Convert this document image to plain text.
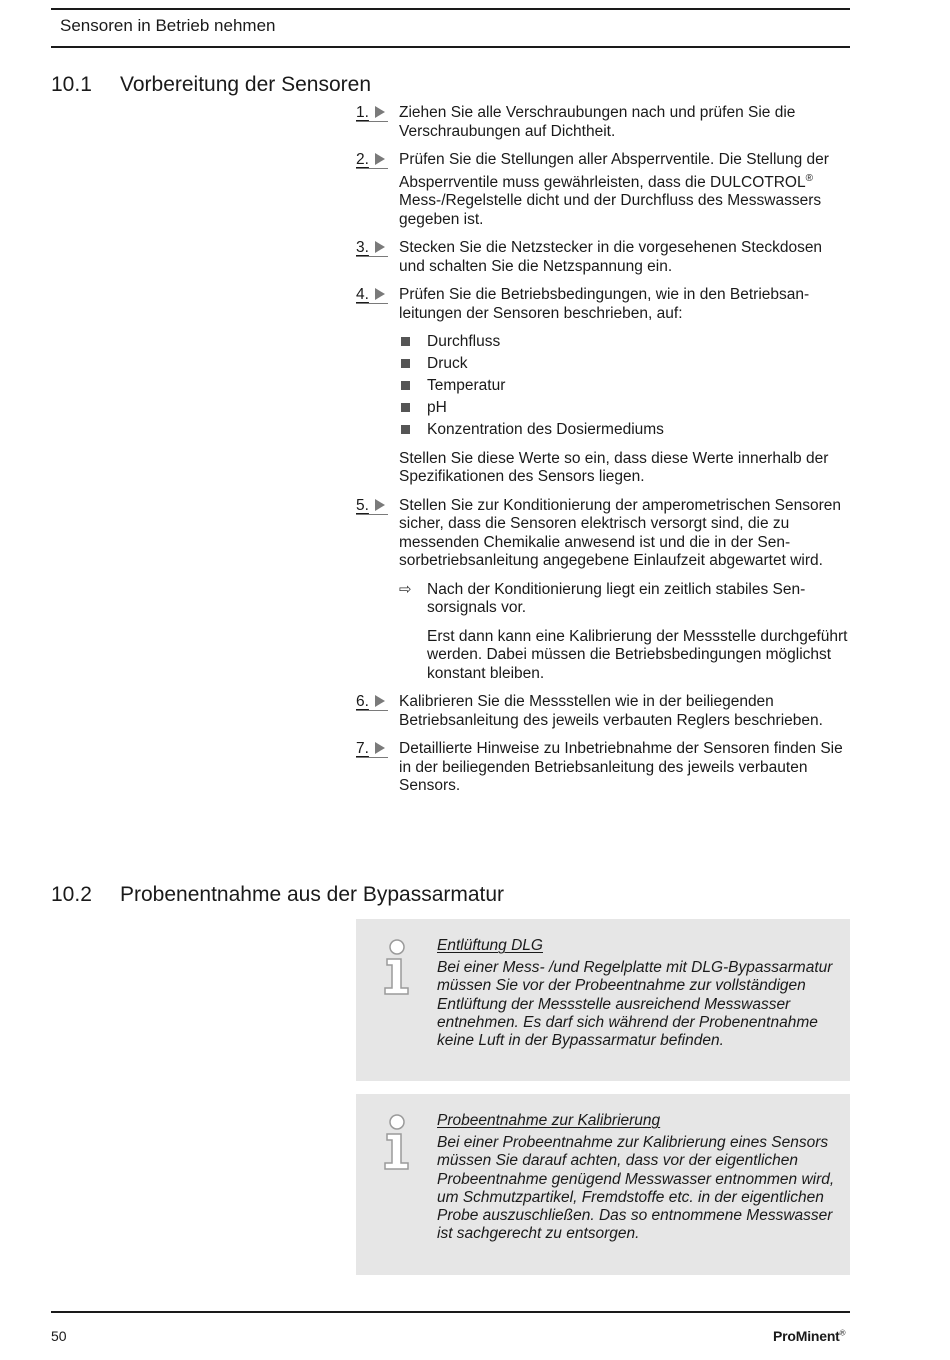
Sensoren in Betrieb nehmen
10.1 Vorbereitung der Sensoren
1.	Ziehen Sie alle Verschraubungen nach und prüfen Sie die Verschraubungen auf Dichtheit.
2.	Prüfen Sie die Stellungen aller Absperrventile. Die Stellung der Absperrventile muss gewährleisten, dass die DULCOTROL® Mess-/Regelstelle dicht und der Durchfluss des Messwassers gegeben ist.
3.	Stecken Sie die Netzstecker in die vorgesehenen Steckdosen und schalten Sie die Netzspannung ein.
4.	Prüfen Sie die Betriebsbedingungen, wie in den Betriebsanleitungen der Sensoren beschrieben, auf:
Durchfluss
Druck
Temperatur
pH
Konzentration des Dosiermediums
Stellen Sie diese Werte so ein, dass diese Werte innerhalb der Spezifikationen des Sensors liegen.
5.	Stellen Sie zur Konditionierung der amperometrischen Sensoren sicher, dass die Sensoren elektrisch versorgt sind, die zu messenden Chemikalie anwesend ist und die in der Sensorbetriebsanleitung angegebene Einlaufzeit abgewartet wird.
⇨ Nach der Konditionierung liegt ein zeitlich stabiles Sensorsignals vor.
Erst dann kann eine Kalibrierung der Messstelle durchgeführt werden. Dabei müssen die Betriebsbedingungen möglichst konstant bleiben.
6.	Kalibrieren Sie die Messstellen wie in der beiliegenden Betriebsanleitung des jeweils verbauten Reglers beschrieben.
7.	Detaillierte Hinweise zu Inbetriebnahme der Sensoren finden Sie in der beiliegenden Betriebsanleitung des jeweils verbauten Sensors.
10.2 Probenentnahme aus der Bypassarmatur
Entlüftung DLG
Bei einer Mess- /und Regelplatte mit DLG-Bypassarmatur müssen Sie vor der Probeentnahme zur vollständigen Entlüftung der Messstelle ausreichend Messwasser entnehmen. Es darf sich während der Probenentnahme keine Luft in der Bypassarmatur befinden.
Probeentnahme zur Kalibrierung
Bei einer Probeentnahme zur Kalibrierung eines Sensors müssen Sie darauf achten, dass vor der eigentlichen Probeentnahme genügend Messwasser entnommen wird, um Schmutzpartikel, Fremdstoffe etc. in der eigentlichen Probe auszuschließen. Das so entnommene Messwasser ist sachgerecht zu entsorgen.
50	ProMinent®
